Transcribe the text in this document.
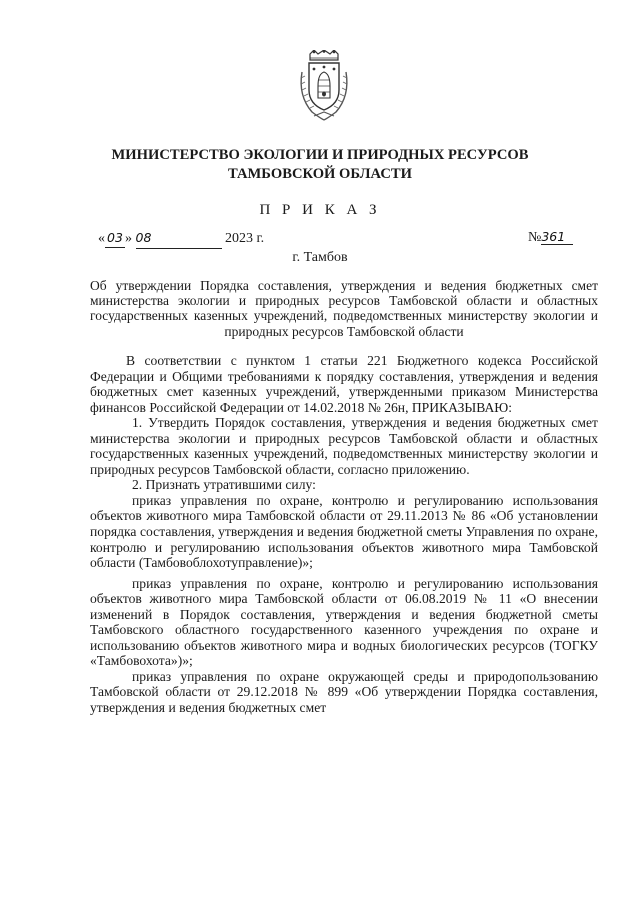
МИНИСТЕРСТВО ЭКОЛОГИИ И ПРИРОДНЫХ РЕСУРСОВ
ТАМБОВСКОЙ ОБЛАСТИ
П Р И К А З
« 03 » 08	2023 г.	№361
г. Тамбов
Об утверждении Порядка составления, утверждения и ведения бюджетных смет министерства экологии и природных ресурсов Тамбовской области и областных государственных казенных учреждений, подведомственных министерству экологии и природных ресурсов Тамбовской области

В соответствии с пунктом 1 статьи 221 Бюджетного кодекса Российской Федерации и Общими требованиями к порядку составления, утверждения и ведения бюджетных смет казенных учреждений, утвержденными приказом Министерства финансов Российской Федерации от 14.02.2018 № 26н, ПРИКАЗЫВАЮ:

1. Утвердить Порядок составления, утверждения и ведения бюджетных смет министерства экологии и природных ресурсов Тамбовской области и областных государственных казенных учреждений, подведомственных министерству экологии и природных ресурсов Тамбовской области, согласно приложению.

2. Признать утратившими силу:

приказ управления по охране, контролю и регулированию использования объектов животного мира Тамбовской области от 29.11.2013 № 86 «Об установлении порядка составления, утверждения и ведения бюджетной сметы Управления по охране, контролю и регулированию использования объектов животного мира Тамбовской области (Тамбовоблохотуправление)»;

приказ управления по охране, контролю и регулированию использования объектов животного мира Тамбовской области от 06.08.2019 № 11 «О внесении изменений в Порядок составления, утверждения и ведения бюджетной сметы Тамбовского областного государственного казенного учреждения по охране и использованию объектов животного мира и водных биологических ресурсов (ТОГКУ «Тамбовохота»)»;

приказ управления по охране окружающей среды и природопользованию Тамбовской области от 29.12.2018 № 899 «Об утверждении Порядка составления, утверждения и ведения бюджетных смет
